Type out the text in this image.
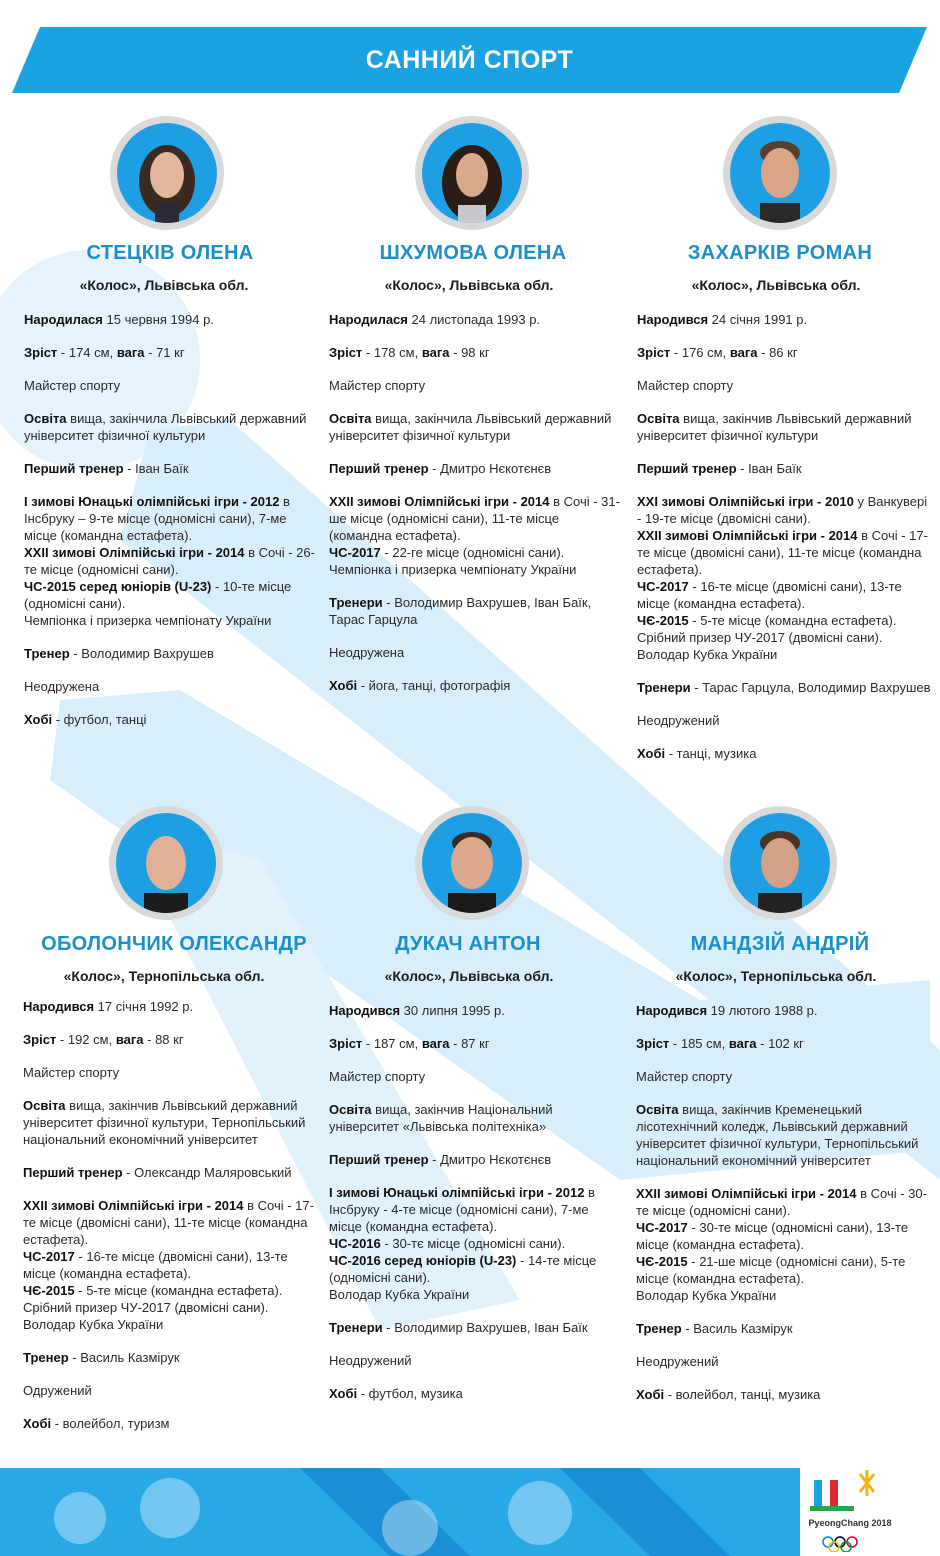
САННИЙ СПОРТ
СТЕЦКІВ ОЛЕНА
«Колос», Львівська обл.

Народилася 15 червня 1994 р.

Зріст - 174 см, вага - 71 кг

Майстер спорту

Освіта вища, закінчила Львівський державний університет фізичної культури

Перший тренер - Іван Баїк

I зимові Юнацькі олімпійські ігри - 2012 в Інсбруку – 9-те місце (одномісні сани), 7-ме місце (командна естафета).
XXII зимові Олімпійські ігри - 2014 в Сочі - 26-те місце (одномісні сани).
ЧС-2015 серед юніорів (U-23) - 10-те місце (одномісні сани).
Чемпіонка і призерка чемпіонату України

Тренер - Володимир Вахрушев

Неодружена

Хобі - футбол, танці

ШХУМОВА ОЛЕНА
«Колос», Львівська обл.

Народилася 24 листопада 1993 р.

Зріст - 178 см, вага - 98 кг

Майстер спорту

Освіта вища, закінчила Львівський державний університет фізичної культури

Перший тренер - Дмитро Нєкотєнєв

XXII зимові Олімпійські ігри - 2014 в Сочі - 31-ше місце (одномісні сани), 11-те місце (командна естафета).
ЧС-2017 - 22-ге місце (одномісні сани).
Чемпіонка і призерка чемпіонату України

Тренери - Володимир Вахрушев, Іван Баїк, Тарас Гарцула

Неодружена

Хобі - йога, танці, фотографія

ЗАХАРКІВ РОМАН
«Колос», Львівська обл.

Народився 24 січня 1991 р.

Зріст - 176 см, вага - 86 кг

Майстер спорту

Освіта вища, закінчив Львівський державний університет фізичної культури

Перший тренер - Іван Баїк

XXI зимові Олімпійські ігри - 2010 у Ванкувері - 19-те місце (двомісні сани).
XXII зимові Олімпійські ігри - 2014 в Сочі - 17-те місце (двомісні сани), 11-те місце (командна естафета).
ЧС-2017 - 16-те місце (двомісні сани), 13-те місце (командна естафета).
ЧЄ-2015 - 5-те місце (командна естафета).
Срібний призер ЧУ-2017 (двомісні сани).
Володар Кубка України

Тренери - Тарас Гарцула, Володимир Вахрушев

Неодружений

Хобі - танці, музика

ОБОЛОНЧИК ОЛЕКСАНДР
«Колос», Тернопільська обл.

Народився 17 січня 1992 р.

Зріст - 192 см, вага - 88 кг

Майстер спорту

Освіта вища, закінчив Львівський державний університет фізичної культури, Тернопільський національний економічний університет

Перший тренер - Олександр Маляровський

XXII зимові Олімпійські ігри - 2014 в Сочі - 17-те місце (двомісні сани), 11-те місце (командна естафета).
ЧС-2017 - 16-те місце (двомісні сани), 13-те місце (командна естафета).
ЧЄ-2015 - 5-те місце (командна естафета).
Срібний призер ЧУ-2017 (двомісні сани).
Володар Кубка України

Тренер - Василь Казмірук

Одружений

Хобі - волейбол, туризм

ДУКАЧ АНТОН
«Колос», Львівська обл.

Народився 30 липня 1995 р.

Зріст - 187 см, вага - 87 кг

Майстер спорту

Освіта вища, закінчив Національний університет «Львівська політехніка»

Перший тренер - Дмитро Нєкотєнєв

I зимові Юнацькі олімпійські ігри - 2012 в Інсбруку - 4-те місце (одномісні сани), 7-ме місце (командна естафета).
ЧС-2016 - 30-тє місце (одномісні сани).
ЧС-2016 серед юніорів (U-23) - 14-те місце (одномісні сани).
Володар Кубка України

Тренери - Володимир Вахрушев, Іван Баїк

Неодружений

Хобі - футбол, музика

МАНДЗІЙ АНДРІЙ
«Колос», Тернопільська обл.

Народився 19 лютого 1988 р.

Зріст - 185 см, вага - 102 кг

Майстер спорту

Освіта вища, закінчив Кременецький лісотехнічний коледж, Львівський державний університет фізичної культури, Тернопільський національний економічний університет

XXII зимові Олімпійські ігри - 2014 в Сочі - 30-те місце (одномісні сани).
ЧС-2017 - 30-те місце (одномісні сани), 13-те місце (командна естафета).
ЧЄ-2015 - 21-ше місце (одномісні сани), 5-те місце (командна естафета).
Володар Кубка України

Тренер - Василь Казмірук

Неодружений

Хобі - волейбол, танці, музика

PyeongChang 2018
